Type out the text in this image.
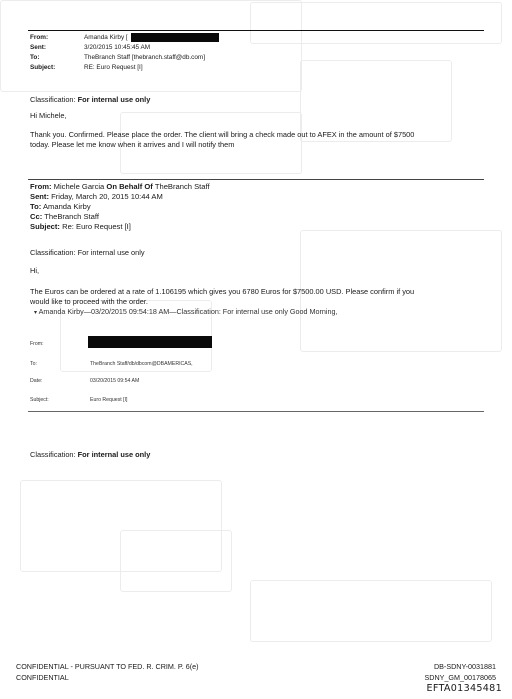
From:	Amanda Kirby [
Sent:	3/20/2015 10:45:45 AM
To:	TheBranch Staff [thebranch.staff@db.com]
Subject:	RE: Euro Request [I]
Classification: For internal use only
Hi Michele,
Thank you. Confirmed. Please place the order. The client will bring a check made out to AFEX in the amount of $7500
today. Please let me know when it arrives and I will notify them
From: Michele Garcia On Behalf Of TheBranch Staff
Sent: Friday, March 20, 2015 10:44 AM
To: Amanda Kirby
Cc: TheBranch Staff
Subject: Re: Euro Request [I]
Classification: For internal use only
Hi,
The Euros can be ordered at a rate of 1.106195 which gives you 6780 Euros for $7500.00 USD. Please confirm if you
would like to proceed with the order.
▾ Amanda Kirby—03/20/2015 09:54:18 AM—Classification: For internal use only Good Morning,
From:
To:	TheBranch Staff/db/dbcom@DBAMERICAS,
Date:	03/20/2015 09:54 AM
Subject:	Euro Request [I]
Classification: For internal use only
CONFIDENTIAL - PURSUANT TO FED. R. CRIM. P. 6(e)
CONFIDENTIAL
DB-SDNY-0031881
SDNY_GM_00178065
EFTA01345481
